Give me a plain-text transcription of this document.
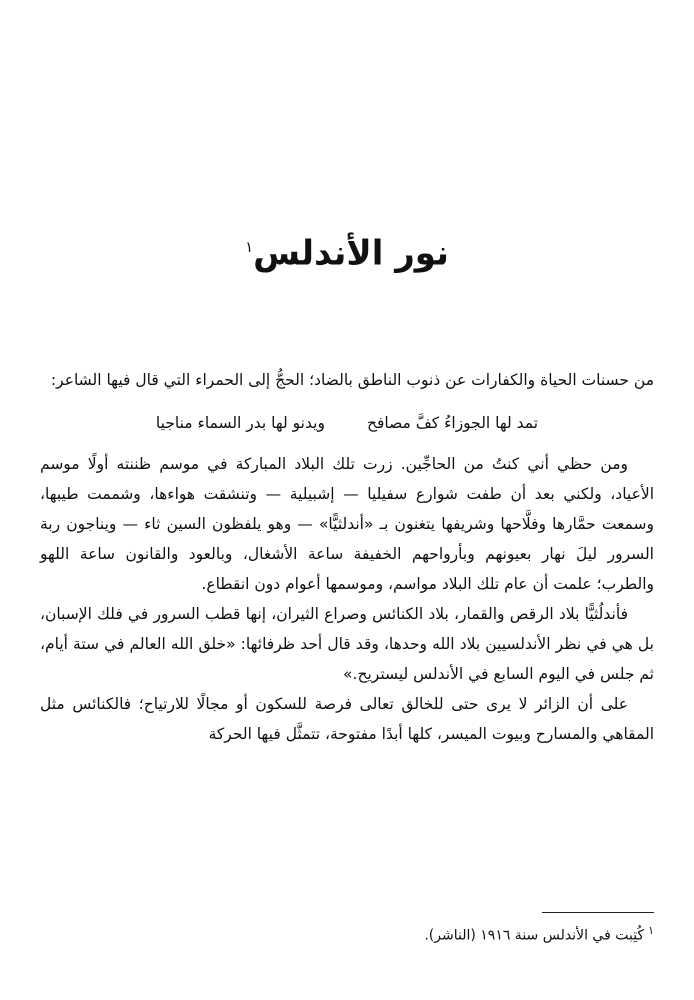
نور الأندلس$^١$

من حسنات الحياة والكفارات عن ذنوب الناطق بالضاد؛ الحجُّ إلى الحمراء التي قال فيها الشاعر:

تمد لها الجوزاءُ كفَّ مصافح
ويدنو لها بدر السماء مناجيا

ومن حظي أني كنتُ من الحاجِّين. زرت تلك البلاد المباركة في موسم ظننته أولًا موسم الأعياد، ولكني بعد أن طفت شوارع سفيليا — إشبيلية — وتنشقت هواءها، وشممت طيبها، وسمعت حمَّارها وفلَّاحها وشريفها يتغنون بـ «أندلثيًّا» — وهو يلفظون السين ثاء — ويناجون ربة السرور ليلَ نهار بعيونهم وبأرواحهم الخفيفة ساعة الأشغال، وبالعود والقانون ساعة اللهو والطرب؛ علمت أن عام تلك البلاد مواسم، وموسمها أعوام دون انقطاع.

فأندلُثيًّا بلاد الرقص والقمار، بلاد الكنائس وصراع الثيران، إنها قطب السرور في فلك الإسبان، بل هي في نظر الأندلسيين بلاد الله وحدها، وقد قال أحد ظرفائها: «خلق الله العالم في ستة أيام، ثم جلس في اليوم السابع في الأندلس ليستريح.»

على أن الزائر لا يرى حتى للخالق تعالى فرصة للسكون أو مجالًا للارتياح؛ فالكنائس مثل المقاهي والمسارح وبيوت الميسر، كلها أبدًا مفتوحة، تتمثَّل فيها الحركة

$^١$كُتِبت في الأندلس سنة ١٩١٦ (الناشر).
